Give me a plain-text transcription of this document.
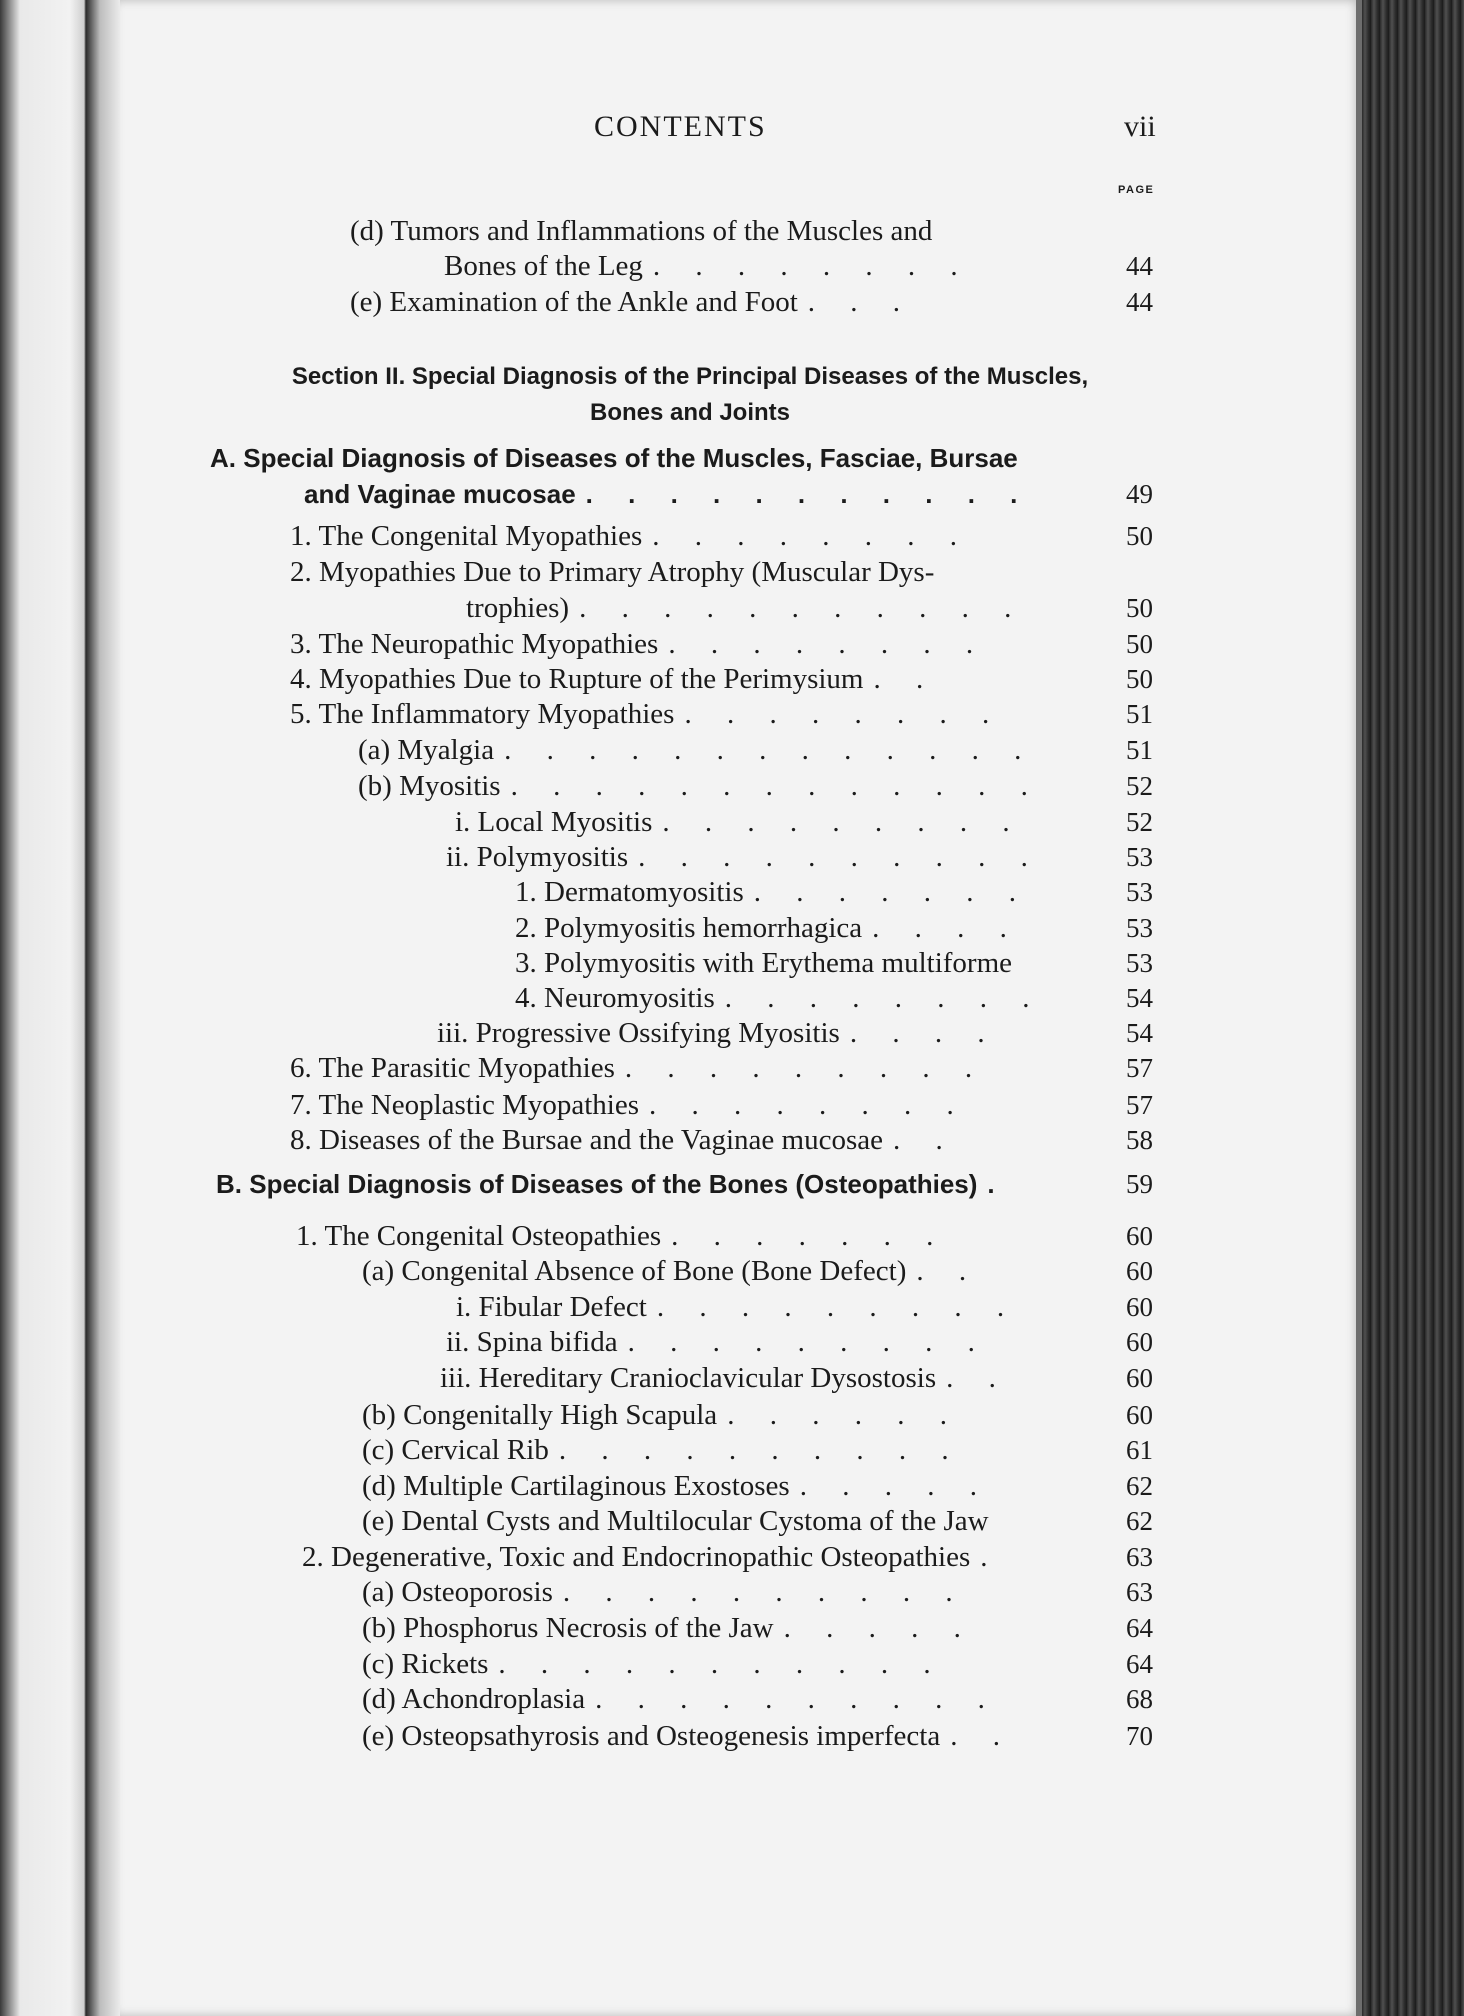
CONTENTS	vii
PAGE
Section II. Special Diagnosis of the Principal Diseases of the Muscles,
Bones and Joints
(d) Tumors and Inflammations of the Muscles and
Bones of the Leg . . . . . . . .	44
(e) Examination of the Ankle and Foot . . .	44
A. Special Diagnosis of Diseases of the Muscles, Fasciae, Bursae
and Vaginae mucosae . . . . . . . . . . .	49
1. The Congenital Myopathies . . . . . . . .	50
2. Myopathies Due to Primary Atrophy (Muscular Dys-
trophies) . . . . . . . . . . .	50
3. The Neuropathic Myopathies . . . . . . . .	50
4. Myopathies Due to Rupture of the Perimysium . .	50
5. The Inflammatory Myopathies . . . . . . . .	51
(a) Myalgia . . . . . . . . . . . . .	51
(b) Myositis . . . . . . . . . . . . .	52
i. Local Myositis . . . . . . . . .	52
ii. Polymyositis . . . . . . . . . .	53
1. Dermatomyositis . . . . . . .	53
2. Polymyositis hemorrhagica . . . .	53
3. Polymyositis with Erythema multiforme	53
4. Neuromyositis . . . . . . . .	54
iii. Progressive Ossifying Myositis . . . .	54
6. The Parasitic Myopathies . . . . . . . . .	57
7. The Neoplastic Myopathies . . . . . . . .	57
8. Diseases of the Bursae and the Vaginae mucosae . .	58
B. Special Diagnosis of Diseases of the Bones (Osteopathies) .	59
1. The Congenital Osteopathies . . . . . . .	60
(a) Congenital Absence of Bone (Bone Defect) . .	60
i. Fibular Defect . . . . . . . . .	60
ii. Spina bifida . . . . . . . . .	60
iii. Hereditary Cranioclavicular Dysostosis . .	60
(b) Congenitally High Scapula . . . . . .	60
(c) Cervical Rib . . . . . . . . . .	61
(d) Multiple Cartilaginous Exostoses . . . . .	62
(e) Dental Cysts and Multilocular Cystoma of the Jaw	62
2. Degenerative, Toxic and Endocrinopathic Osteopathies .	63
(a) Osteoporosis . . . . . . . . . .	63
(b) Phosphorus Necrosis of the Jaw . . . . .	64
(c) Rickets . . . . . . . . . . .	64
(d) Achondroplasia . . . . . . . . . .	68
(e) Osteopsathyrosis and Osteogenesis imperfecta . .	70
